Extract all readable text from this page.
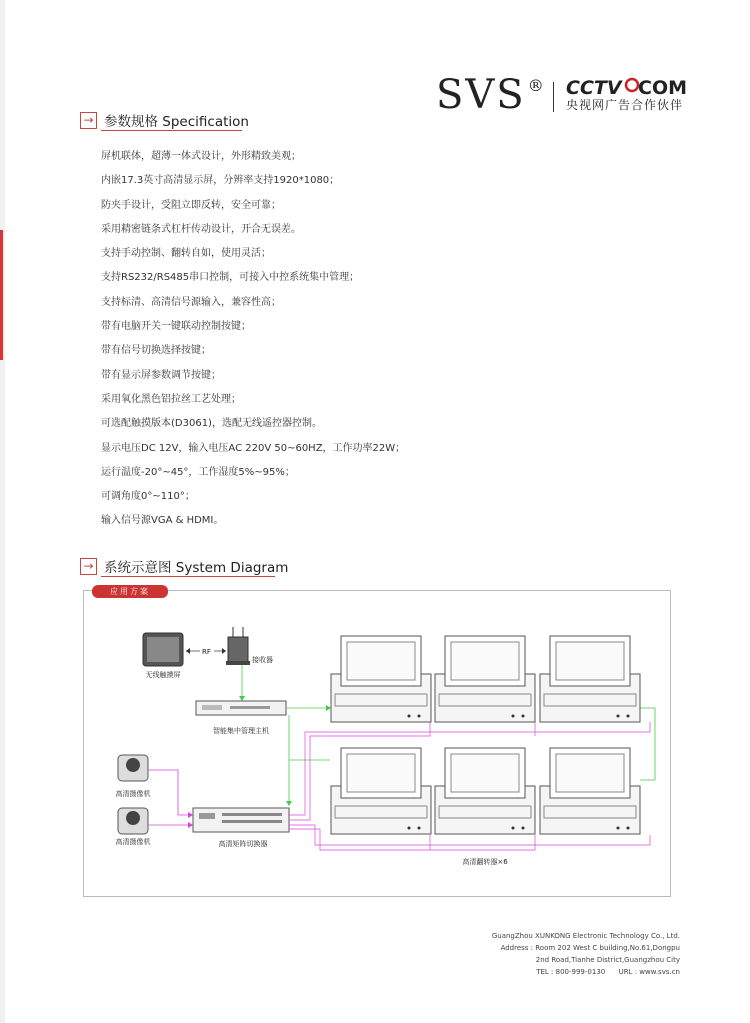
SVS ® CCTV COM
央视网广告合作伙伴
→ 参数规格 Specification
屏机联体，超薄一体式设计，外形精致美观；
内嵌17.3英寸高清显示屏，分辨率支持1920*1080；
防夹手设计，受阻立即反转，安全可靠；
采用精密链条式杠杆传动设计，开合无误差。
支持手动控制、翻转自如，使用灵活；
支持RS232/RS485串口控制，可接入中控系统集中管理；
支持标清、高清信号源输入，兼容性高；
带有电脑开关一键联动控制按键；
带有信号切换选择按键；
带有显示屏参数调节按键；
采用氧化黑色铝拉丝工艺处理；
可选配触摸版本(D3061)，选配无线遥控器控制。
显示电压DC 12V，输入电压AC 220V 50~60HZ，工作功率22W；
运行温度-20°~45°，工作湿度5%~95%；
可调角度0°~110°；
输入信号源VGA & HDMI。
→ 系统示意图 System Diagram
应用方案
无线触摸屏
RF
接收器
智能集中管理主机
高清摄像机
高清摄像机	高清矩阵切换器
高清翻转器×6
GuangZhou XUNKONG Electronic Technology Co., Ltd.
Address : Room 202 West C building,No.61,Dongpu
2nd Road,Tianhe District,Guangzhou City
TEL : 800-999-0130 URL : www.svs.cn
